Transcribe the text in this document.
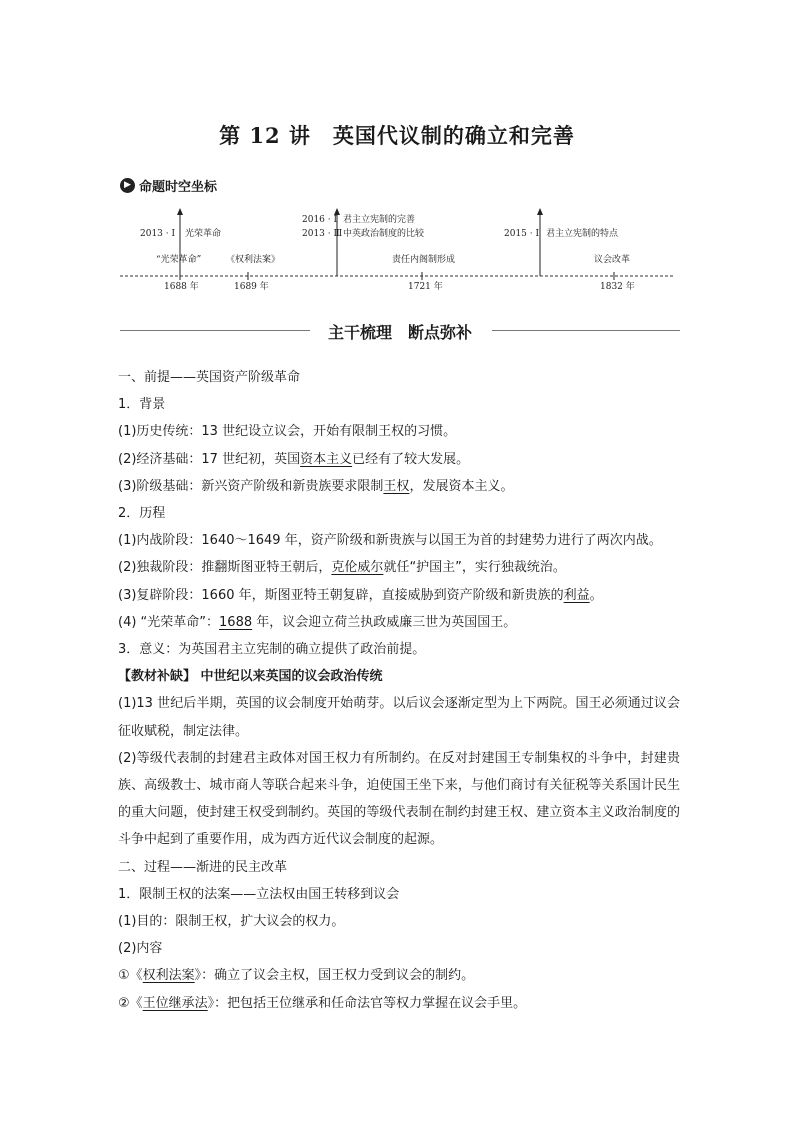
第 12 讲　英国代议制的确立和完善
▶ 命题时空坐标
2013 · Ⅰ 光荣革命
2016 · Ⅰ
2013 · Ⅲ
君主立宪制的完善
中英政治制度的比较	2015 · Ⅰ 君主立宪制的特点
“光荣革命”	《权利法案》	责任内阁制形成	议会改革
1688 年	1689 年	1721 年	1832 年
主干梳理　断点弥补

一、前提——英国资产阶级革命

1．背景

(1)历史传统：13 世纪设立议会，开始有限制王权的习惯。

(2)经济基础：17 世纪初，英国资本主义已经有了较大发展。

(3)阶级基础：新兴资产阶级和新贵族要求限制王权，发展资本主义。

2．历程

(1)内战阶段：1640～1649 年，资产阶级和新贵族与以国王为首的封建势力进行了两次内战。

(2)独裁阶段：推翻斯图亚特王朝后，克伦威尔就任“护国主”，实行独裁统治。

(3)复辟阶段：1660 年，斯图亚特王朝复辟，直接威胁到资产阶级和新贵族的利益。

(4) “光荣革命”：1688 年，议会迎立荷兰执政威廉三世为英国国王。

3．意义：为英国君主立宪制的确立提供了政治前提。

【教材补缺】 中世纪以来英国的议会政治传统

(1)13 世纪后半期，英国的议会制度开始萌芽。以后议会逐渐定型为上下两院。国王必须通过议会征收赋税，制定法律。

(2)等级代表制的封建君主政体对国王权力有所制约。在反对封建国王专制集权的斗争中，封建贵族、高级教士、城市商人等联合起来斗争，迫使国王坐下来，与他们商讨有关征税等关系国计民生的重大问题，使封建王权受到制约。英国的等级代表制在制约封建王权、建立资本主义政治制度的斗争中起到了重要作用，成为西方近代议会制度的起源。

二、过程——渐进的民主改革

1．限制王权的法案——立法权由国王转移到议会

(1)目的：限制王权，扩大议会的权力。

(2)内容

①《权利法案》：确立了议会主权，国王权力受到议会的制约。

②《王位继承法》：把包括王位继承和任命法官等权力掌握在议会手里。
